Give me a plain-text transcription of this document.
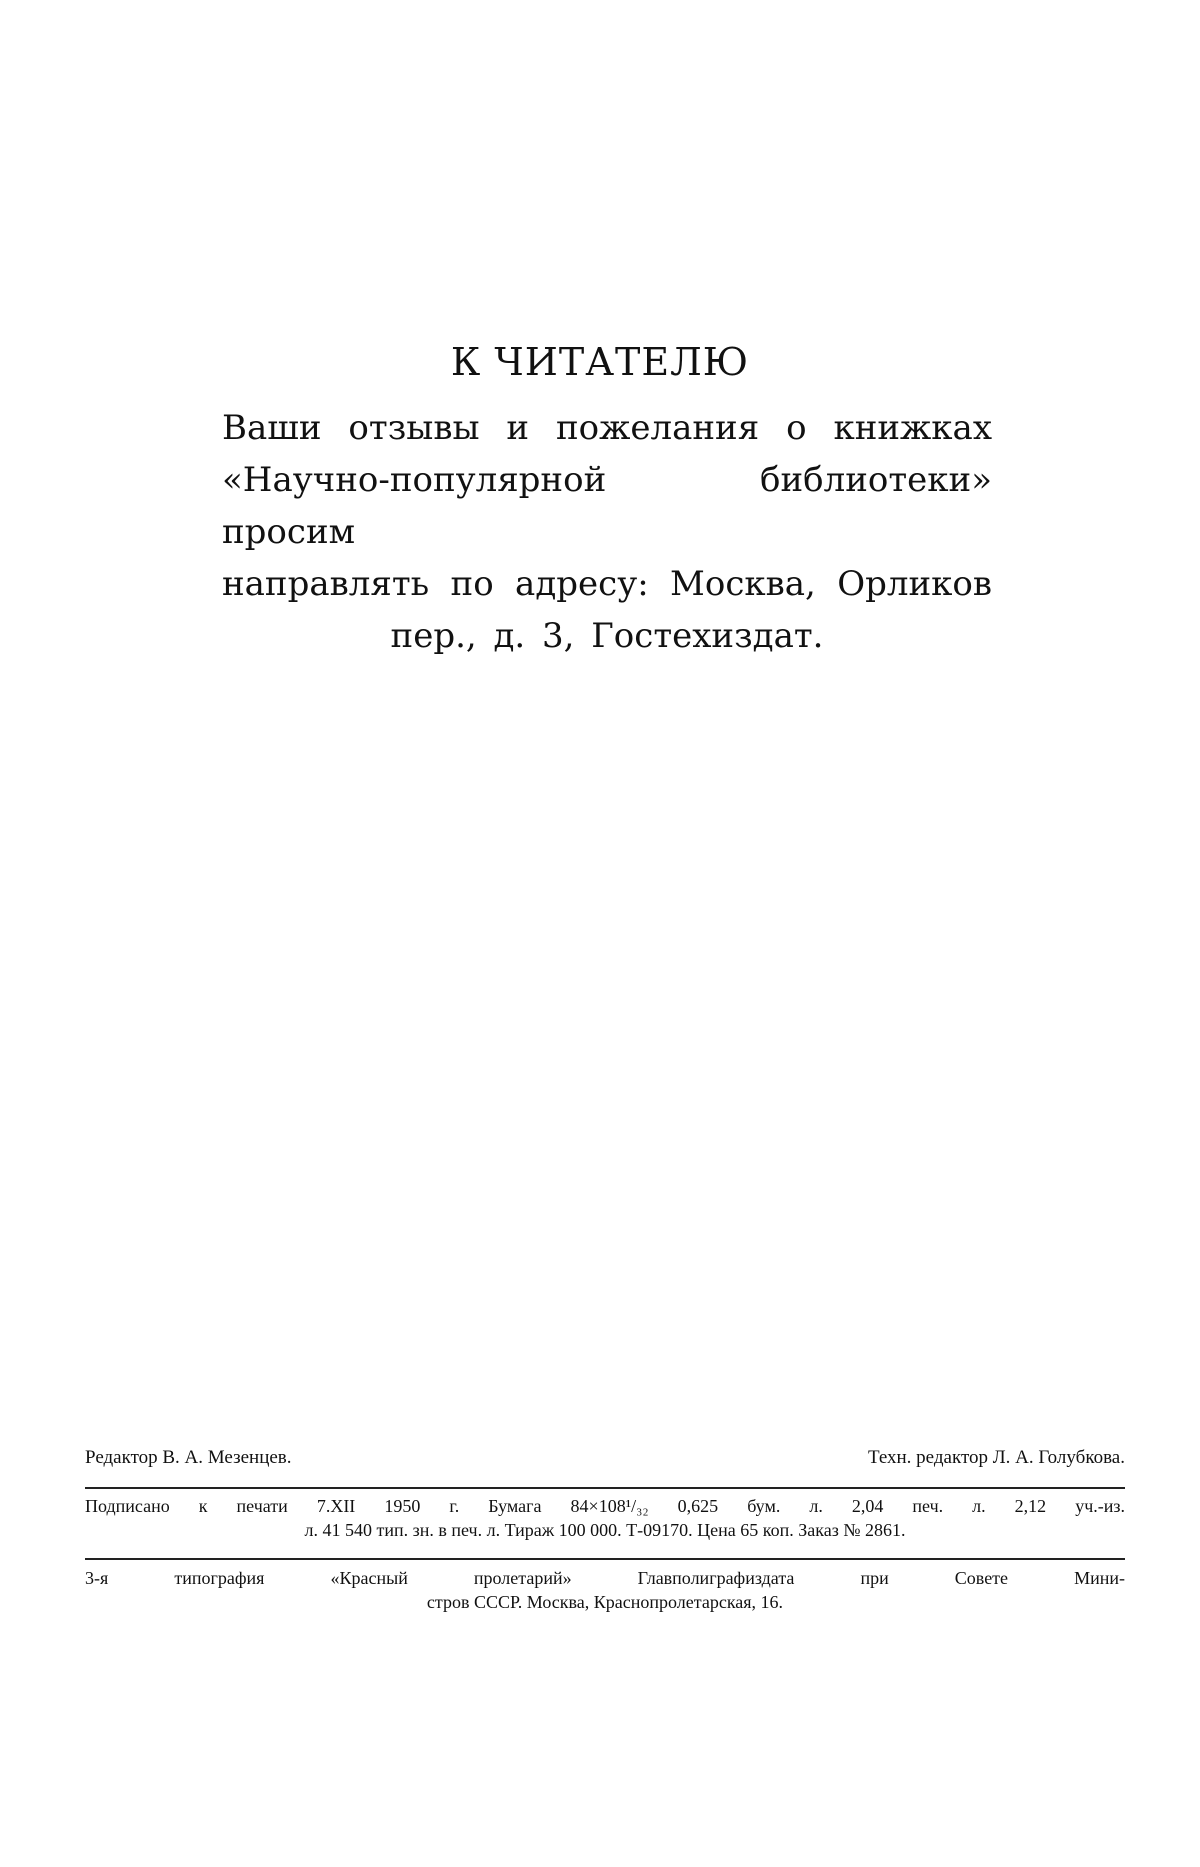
К ЧИТАТЕЛЮ
Ваши отзывы и пожелания о книжках
«Научно-популярной библиотеки» просим
направлять по адресу: Москва, Орликов
пер., д. 3, Гостехиздат.
Редактор В. А. Мезенцев.	Техн. редактор Л. А. Голубкова.
Подписано к печати 7.XII 1950 г. Бумага 84×108¹/₃₂ 0,625 бум. л. 2,04 печ. л. 2,12 уч.-из.
л. 41 540 тип. зн. в печ. л. Тираж 100 000. Т-09170. Цена 65 коп. Заказ № 2861.
3-я типография «Красный пролетарий» Главполиграфиздата при Совете Мини-
стров СССР. Москва, Краснопролетарская, 16.
